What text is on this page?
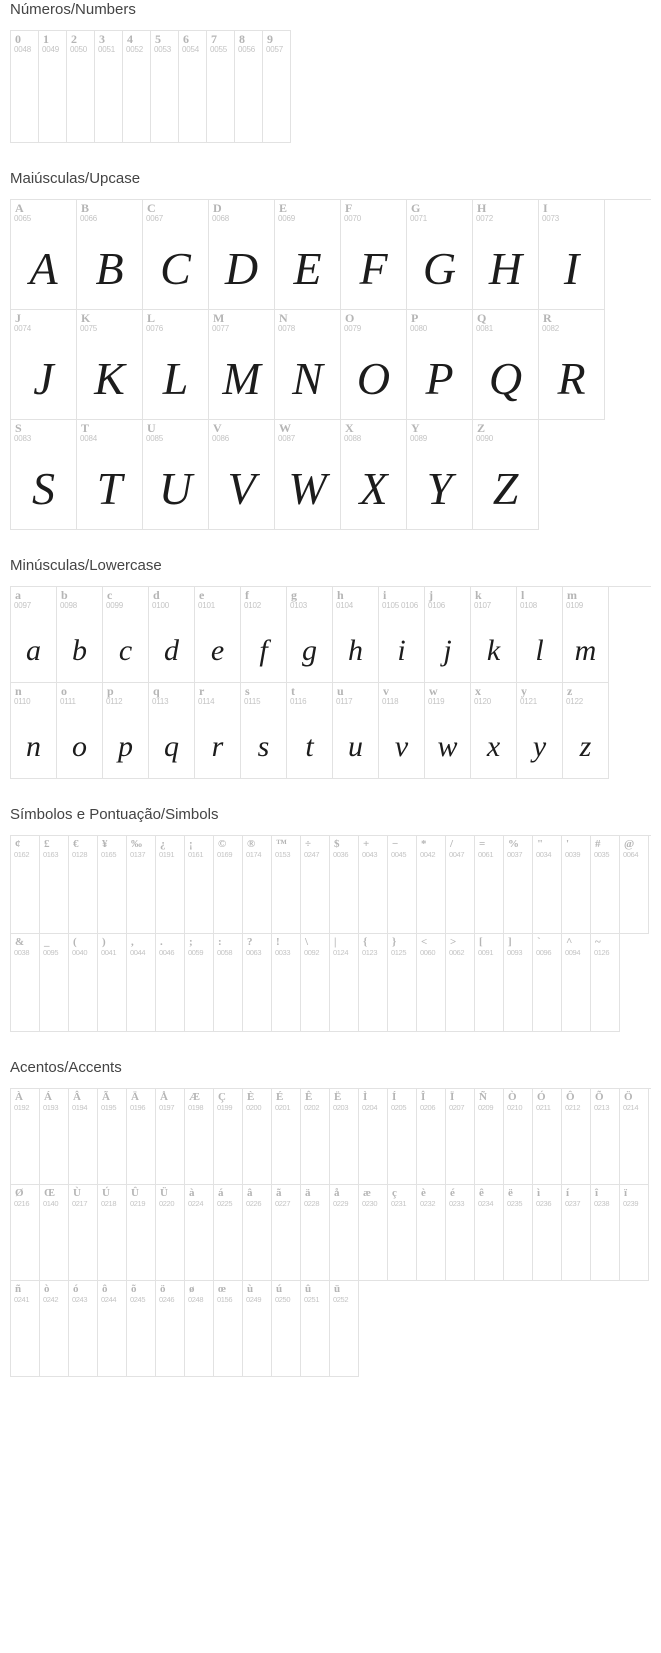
Números/Numbers
0
0048
1
0049
2
0050
3
0051
4
0052
5
0053
6
0054
7
0055
8
0056
9
0057
Maiúsculas/Upcase
A
0065
A
B
0066
B
C
0067
C
D
0068
D
E
0069
E
F
0070
F
G
0071
G
H
0072
H
I
0073
I
J
0074
J
K
0075
K
L
0076
L
M
0077
M
N
0078
N
O
0079
O
P
0080
P
Q
0081
Q
R
0082
R
S
0083
S
T
0084
T
U
0085
U
V
0086
V
W
0087
W
X
0088
X
Y
0089
Y
Z
0090
Z
Minúsculas/Lowercase
a
0097
a
b
0098
b
c
0099
c
d
0100
d
e
0101
e
f
0102
f
g
0103
g
h
0104
h
i
0105 0106
i
j
0106
j
k
0107
k
l
0108
l
m
0109
m
n
0110
n
o
0111
o
p
0112
p
q
0113
q
r
0114
r
s
0115
s
t
0116
t
u
0117
u
v
0118
v
w
0119
w
x
0120
x
y
0121
y
z
0122
z
Símbolos e Pontuação/Simbols
¢
0162
£
0163
€
0128
¥
0165
‰
0137
¿
0191
¡
0161
©
0169
®
0174
™
0153
÷
0247
$
0036
+
0043
−
0045
*
0042
/
0047
=
0061
%
0037
"
0034
'
0039
#
0035
@
0064
&
0038
_
0095
(
0040
)
0041
,
0044
.
0046
;
0059
:
0058
?
0063
!
0033
\
0092
|
0124
{
0123
}
0125
<
0060
>
0062
[
0091
]
0093
`
0096
^
0094
~
0126
Acentos/Accents
À
0192
Á
0193
Â
0194
Ã
0195
Ä
0196
Å
0197
Æ
0198
Ç
0199
È
0200
É
0201
Ê
0202
Ë
0203
Ì
0204
Í
0205
Î
0206
Ï
0207
Ñ
0209
Ò
0210
Ó
0211
Ô
0212
Õ
0213
Ö
0214
Ø
0216
Œ
0140
Ù
0217
Ú
0218
Û
0219
Ü
0220
à
0224
á
0225
â
0226
ã
0227
ä
0228
å
0229
æ
0230
ç
0231
è
0232
é
0233
ê
0234
ë
0235
ì
0236
í
0237
î
0238
ï
0239
ñ
0241
ò
0242
ó
0243
ô
0244
õ
0245
ö
0246
ø
0248
œ
0156
ù
0249
ú
0250
û
0251
ü
0252
